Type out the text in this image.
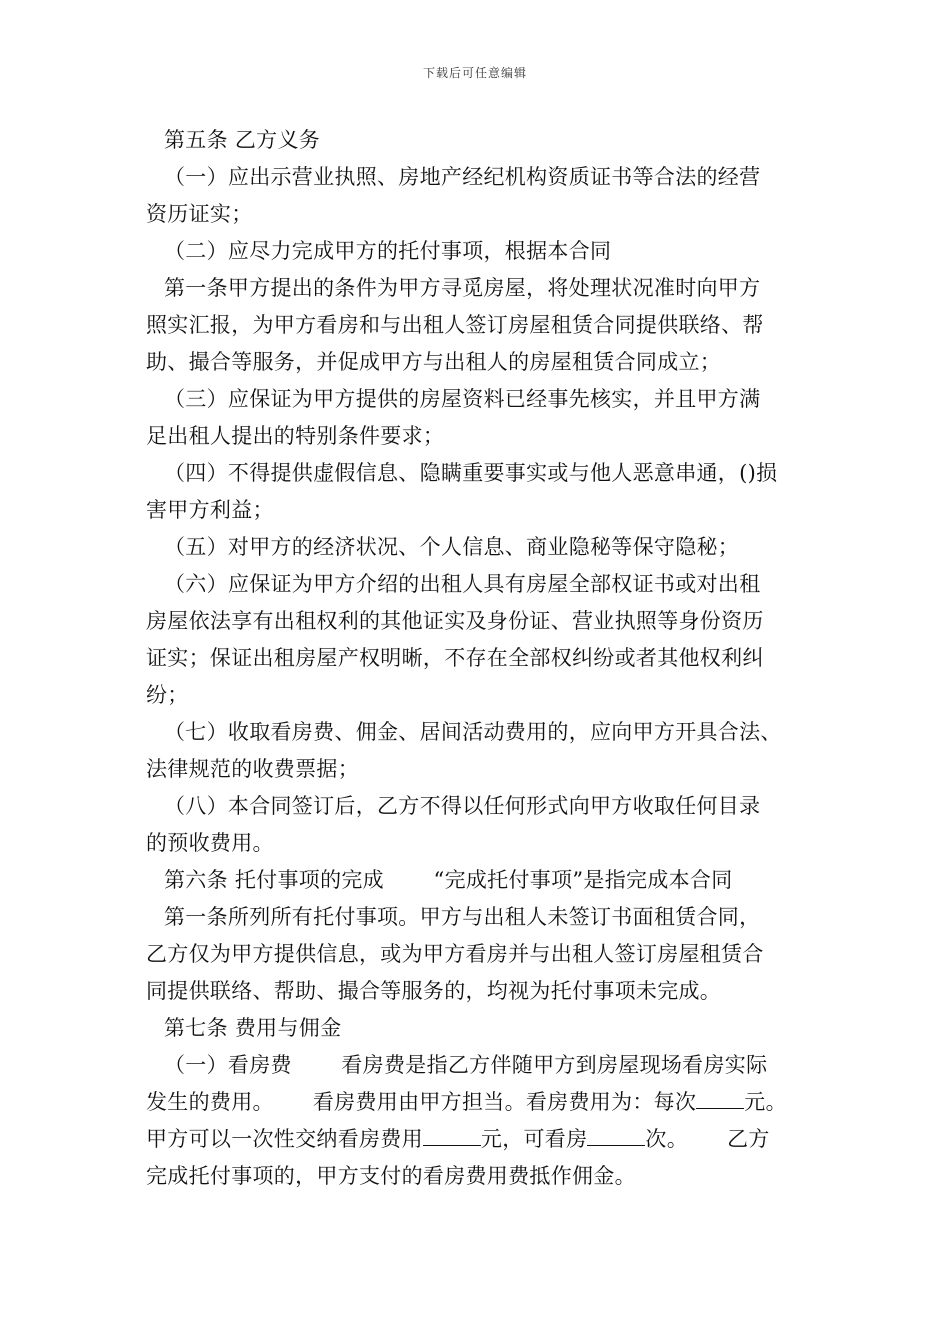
下载后可任意编辑
第五条 乙方义务
（一）应出示营业执照、房地产经纪机构资质证书等合法的经营
资历证实；
（二）应尽力完成甲方的托付事项，根据本合同
第一条甲方提出的条件为甲方寻觅房屋，将处理状况准时向甲方
照实汇报，为甲方看房和与出租人签订房屋租赁合同提供联络、帮
助、撮合等服务，并促成甲方与出租人的房屋租赁合同成立；
（三）应保证为甲方提供的房屋资料已经事先核实，并且甲方满
足出租人提出的特别条件要求；
（四）不得提供虚假信息、隐瞒重要事实或与他人恶意串通，()损
害甲方利益；
（五）对甲方的经济状况、个人信息、商业隐秘等保守隐秘；
（六）应保证为甲方介绍的出租人具有房屋全部权证书或对出租
房屋依法享有出租权利的其他证实及身份证、营业执照等身份资历
证实；保证出租房屋产权明晰，不存在全部权纠纷或者其他权利纠
纷；
（七）收取看房费、佣金、居间活动费用的，应向甲方开具合法、
法律规范的收费票据；
（八）本合同签订后，乙方不得以任何形式向甲方收取任何目录
的预收费用。
第六条 托付事项的完成　　 “完成托付事项”是指完成本合同
第一条所列所有托付事项。甲方与出租人未签订书面租赁合同，
乙方仅为甲方提供信息，或为甲方看房并与出租人签订房屋租赁合
同提供联络、帮助、撮合等服务的，均视为托付事项未完成。
第七条 费用与佣金
（一）看房费　　 看房费是指乙方伴随甲方到房屋现场看房实际
发生的费用。　　 看房费用由甲方担当。看房费用为：每次 元。
甲方可以一次性交纳看房费用	元，可看房	次。　　 乙方
完成托付事项的，甲方支付的看房费用费抵作佣金。
